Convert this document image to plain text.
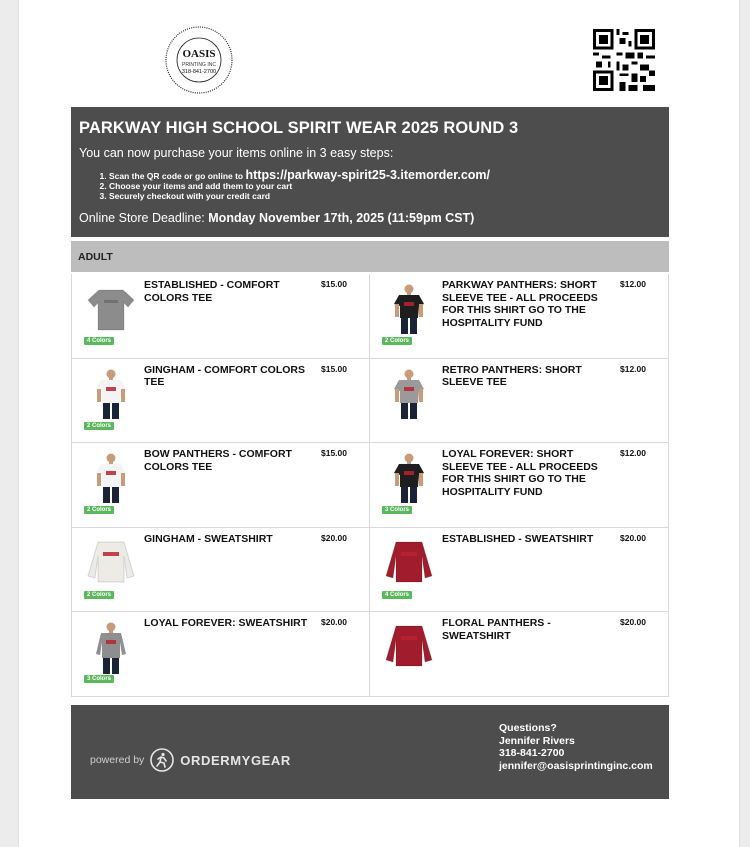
OASIS
PRINTING INC
318-841-2700
PARKWAY HIGH SCHOOL SPIRIT WEAR 2025 ROUND 3
You can now purchase your items online in 3 easy steps:
1. Scan the QR code or go online to https://parkway-spirit25-3.itemorder.com/
2. Choose your items and add them to your cart
3. Securely checkout with your credit card
Online Store Deadline: Monday November 17th, 2025 (11:59pm CST)
ADULT
ESTABLISHED - COMFORT COLORS TEE
$15.00
4 Colors
PARKWAY PANTHERS: SHORT SLEEVE TEE - ALL PROCEEDS FOR THIS SHIRT GO TO THE HOSPITALITY FUND
$12.00
2 Colors
GINGHAM - COMFORT COLORS TEE
$15.00
2 Colors
RETRO PANTHERS: SHORT SLEEVE TEE
$12.00
BOW PANTHERS - COMFORT COLORS TEE
$15.00
2 Colors
LOYAL FOREVER: SHORT SLEEVE TEE - ALL PROCEEDS FOR THIS SHIRT GO TO THE HOSPITALITY FUND
$12.00
3 Colors
GINGHAM - SWEATSHIRT	$20.00
2 Colors
ESTABLISHED - SWEATSHIRT	$20.00
4 Colors
LOYAL FOREVER: SWEATSHIRT $20.00
3 Colors
FLORAL PANTHERS - SWEATSHIRT
$20.00
powered by	ORDERMYGEAR
Questions?
Jennifer Rivers
318-841-2700
jennifer@oasisprintinginc.com
